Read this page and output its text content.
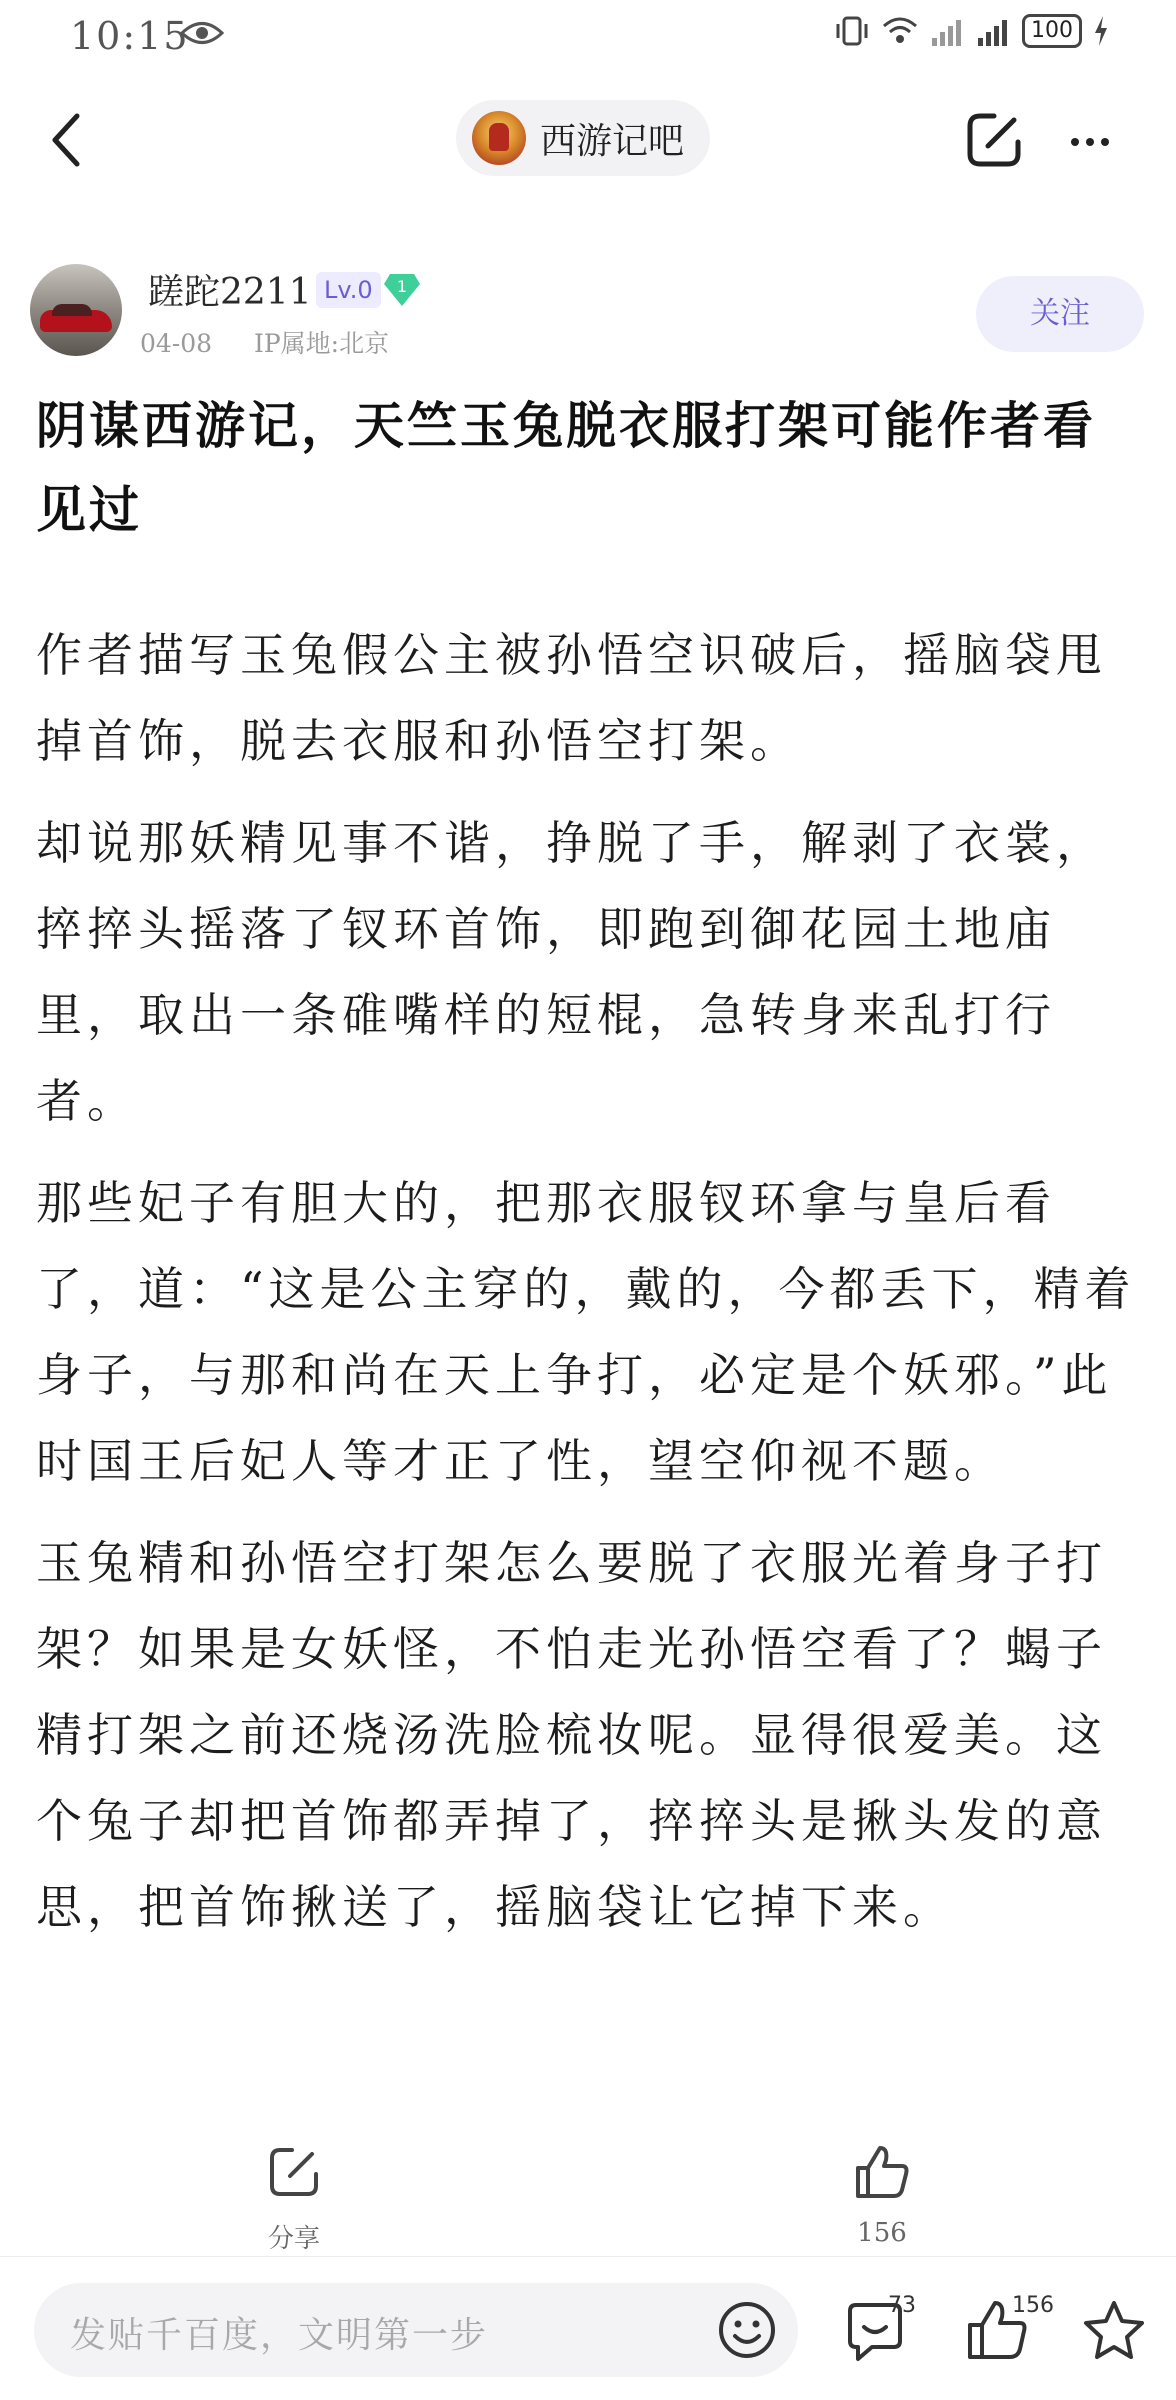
10:15	100
西游记吧
蹉跎2211 Lv.0	1
04-08 IP属地:北京
关注
阴谋西游记，天竺玉兔脱衣服打架可能作者看见过

作者描写玉兔假公主被孙悟空识破后，摇脑袋甩掉首饰，脱去衣服和孙悟空打架。

却说那妖精见事不谐，挣脱了手，解剥了衣裳，捽捽头摇落了钗环首饰，即跑到御花园土地庙里，取出一条碓嘴样的短棍，急转身来乱打行者。

那些妃子有胆大的，把那衣服钗环拿与皇后看了，道：“这是公主穿的，戴的，今都丢下，精着身子，与那和尚在天上争打，必定是个妖邪。”此时国王后妃人等才正了性，望空仰视不题。

玉兔精和孙悟空打架怎么要脱了衣服光着身子打架？如果是女妖怪，不怕走光孙悟空看了？蝎子精打架之前还烧汤洗脸梳妆呢。显得很爱美。这个兔子却把首饰都弄掉了，捽捽头是揪头发的意思，把首饰揪送了，摇脑袋让它掉下来。

分享	156
发贴千百度，文明第一步
73	156
